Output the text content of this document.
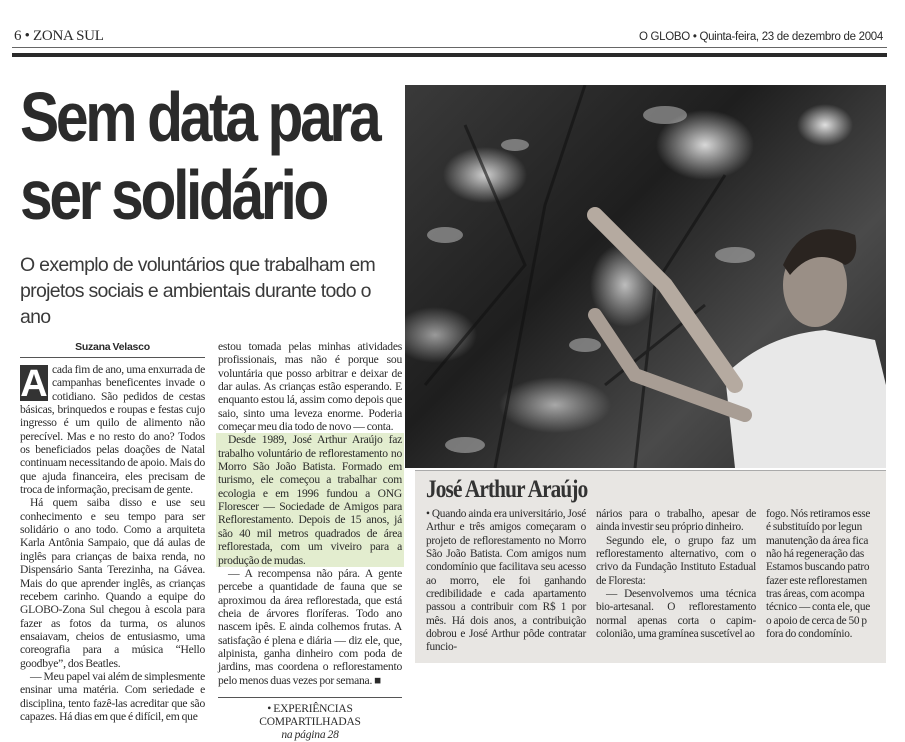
6 • ZONA SUL	O GLOBO • Quinta-feira, 23 de dezembro de 2004
Sem data para
ser solidário
O exemplo de voluntários que trabalham em projetos sociais e ambientais durante todo o ano
Suzana Velasco

A cada fim de ano, uma enxurrada de campanhas beneficentes invade o cotidiano. São pedidos de cestas básicas, brinquedos e roupas e festas cujo ingresso é um quilo de alimento não perecível. Mas e no resto do ano? Todos os beneficiados pelas doações de Natal continuam necessitando de apoio. Mais do que ajuda financeira, eles precisam de troca de informação, precisam de gente.

Há quem saiba disso e use seu conhecimento e seu tempo para ser solidário o ano todo. Como a arquiteta Karla Antônia Sampaio, que dá aulas de inglês para crianças de baixa renda, no Dispensário Santa Terezinha, na Gávea. Mais do que aprender inglês, as crianças recebem carinho. Quando a equipe do GLOBO-Zona Sul chegou à escola para fazer as fotos da turma, os alunos ensaiavam, cheios de entusiasmo, uma coreografia para a música “Hello goodbye”, dos Beatles.

— Meu papel vai além de simplesmente ensinar uma matéria. Com seriedade e disciplina, tento fazê-las acreditar que são capazes. Há dias em que é difícil, em que

estou tomada pelas minhas atividades profissionais, mas não é porque sou voluntária que posso arbitrar e deixar de dar aulas. As crianças estão esperando. E enquanto estou lá, assim como depois que saio, sinto uma leveza enorme. Poderia começar meu dia todo de novo — conta.

Desde 1989, José Arthur Araújo faz trabalho voluntário de reflorestamento no Morro São João Batista. Formado em turismo, ele começou a trabalhar com ecologia e em 1996 fundou a ONG Florescer — Sociedade de Amigos para Reflorestamento. Depois de 15 anos, já são 40 mil metros quadrados de área reflorestada, com um viveiro para a produção de mudas.

— A recompensa não pára. A gente percebe a quantidade de fauna que se aproximou da área reflorestada, que está cheia de árvores floríferas. Todo ano nascem ipês. E ainda colhemos frutas. A satisfação é plena e diária — diz ele, que, alpinista, ganha dinheiro com poda de jardins, mas coordena o reflorestamento pelo menos duas vezes por semana. ■

• EXPERIÊNCIAS COMPARTILHADAS
na página 28
José Arthur Araújo

• Quando ainda era universitário, José Arthur e três amigos começaram o projeto de reflorestamento no Morro São João Batista. Com amigos num condomínio que facilitava seu acesso ao morro, ele foi ganhando credibilidade e cada apartamento passou a contribuir com R$ 1 por mês. Há dois anos, a contribuição dobrou e José Arthur pôde contratar funcio-

nários para o trabalho, apesar de ainda investir seu próprio dinheiro.

Segundo ele, o grupo faz um reflorestamento alternativo, com o crivo da Fundação Instituto Estadual de Floresta:

— Desenvolvemos uma técnica bio-artesanal. O reflorestamento normal apenas corta o capim-colonião, uma gramínea suscetível ao

fogo. Nós retiramos esse
é substituído por legun
manutenção da área fica
não há regeneração das
Estamos buscando patro
fazer este reflorestamen
tras áreas, com acompa
técnico — conta ele, que
o apoio de cerca de 50 p
fora do condomínio.
